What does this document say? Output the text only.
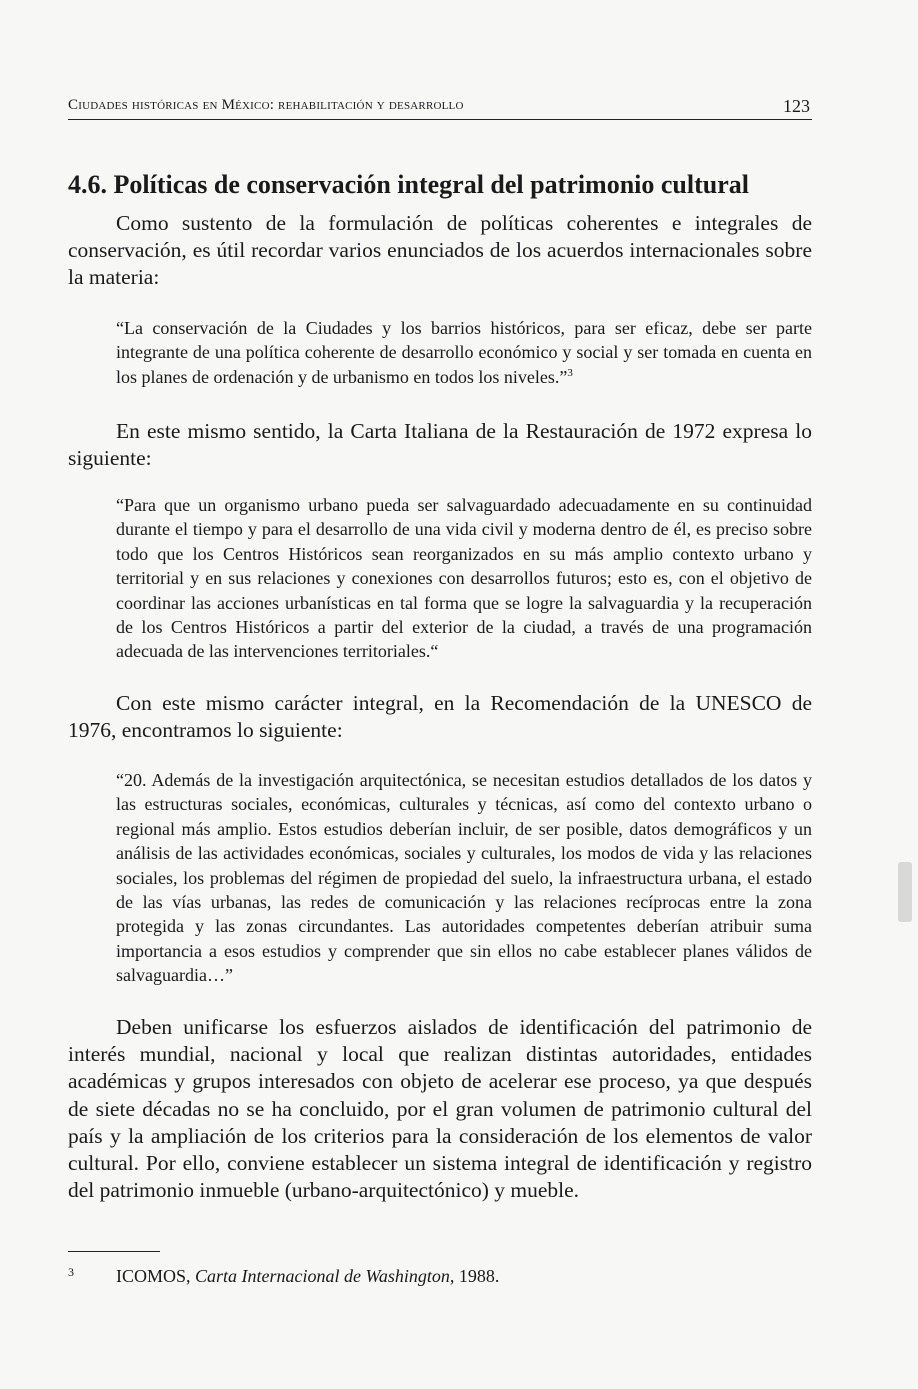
Ciudades históricas en México: rehabilitación y desarrollo	123
4.6. Políticas de conservación integral del patrimonio cultural

Como sustento de la formulación de políticas coherentes e integrales de conservación, es útil recordar varios enunciados de los acuerdos internacionales sobre la materia:

“La conservación de la Ciudades y los barrios históricos, para ser eficaz, debe ser parte integrante de una política coherente de desarrollo económico y social y ser tomada en cuenta en los planes de ordenación y de urbanismo en todos los niveles.”$^3$

En este mismo sentido, la Carta Italiana de la Restauración de 1972 expresa lo siguiente:

“Para que un organismo urbano pueda ser salvaguardado adecuadamente en su continuidad durante el tiempo y para el desarrollo de una vida civil y moderna dentro de él, es preciso sobre todo que los Centros Históricos sean reorganizados en su más amplio contexto urbano y territorial y en sus relaciones y conexiones con desarrollos futuros; esto es, con el objetivo de coordinar las acciones urbanísticas en tal forma que se logre la salvaguardia y la recuperación de los Centros Históricos a partir del exterior de la ciudad, a través de una programación adecuada de las intervenciones territoriales.“

Con este mismo carácter integral, en la Recomendación de la UNESCO de 1976, encontramos lo siguiente:

“20. Además de la investigación arquitectónica, se necesitan estudios detallados de los datos y las estructuras sociales, económicas, culturales y técnicas, así como del contexto urbano o regional más amplio. Estos estudios deberían incluir, de ser posible, datos demográficos y un análisis de las actividades económicas, sociales y culturales, los modos de vida y las relaciones sociales, los problemas del régimen de propiedad del suelo, la infraestructura urbana, el estado de las vías urbanas, las redes de comunicación y las relaciones recíprocas entre la zona protegida y las zonas circundantes. Las autoridades competentes deberían atribuir suma importancia a esos estudios y comprender que sin ellos no cabe establecer planes válidos de salvaguardia…”

Deben unificarse los esfuerzos aislados de identificación del patrimonio de interés mundial, nacional y local que realizan distintas autoridades, entidades académicas y grupos interesados con objeto de acelerar ese proceso, ya que después de siete décadas no se ha concluido, por el gran volumen de patrimonio cultural del país y la ampliación de los criterios para la consideración de los elementos de valor cultural. Por ello, conviene establecer un sistema integral de identificación y registro del patrimonio inmueble (urbano-arquitectónico) y mueble.

3 ICOMOS, Carta Internacional de Washington, 1988.
